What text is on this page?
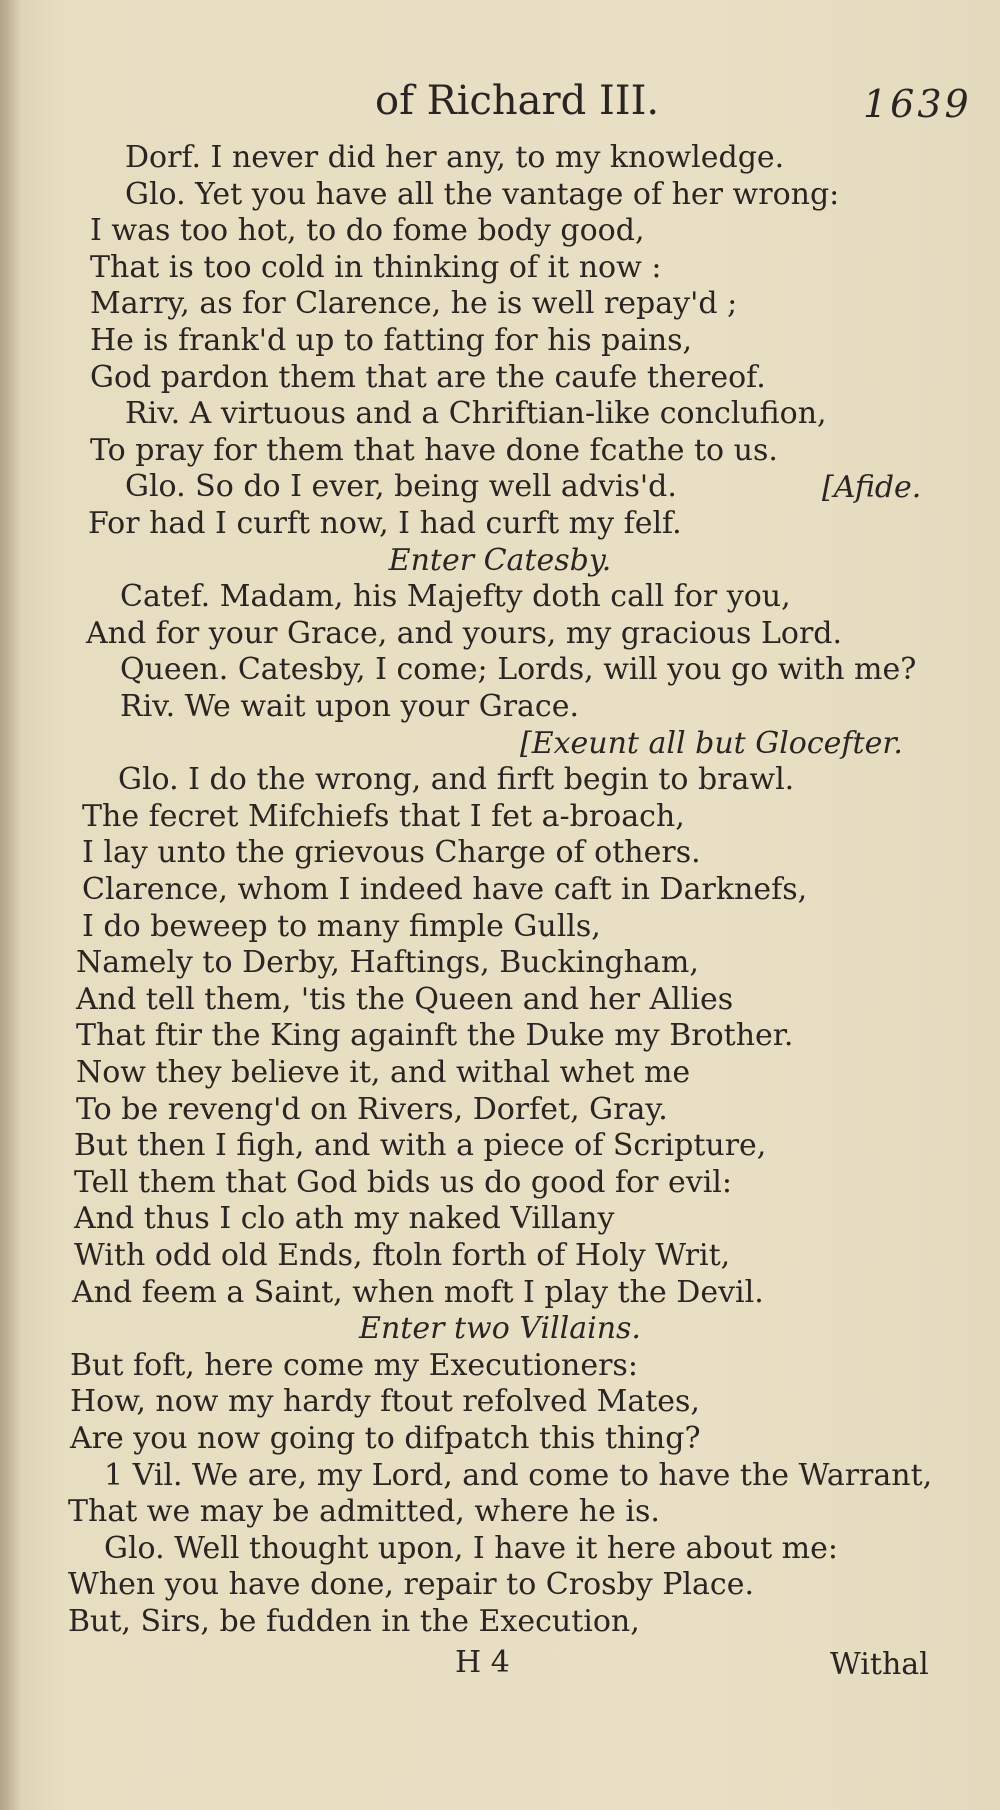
of Richard III.	1639
Dorf. I never did her any, to my knowledge.
Glo. Yet you have all the vantage of her wrong:
I was too hot, to do fome body good,
That is too cold in thinking of it now :
Marry, as for Clarence, he is well repay'd ;
He is frank'd up to fatting for his pains,
God pardon them that are the caufe thereof.
Riv. A virtuous and a Chriftian-like conclufion,
To pray for them that have done fcathe to us.
Glo. So do I ever, being well advis'd.
For had I curft now, I had curft my felf.
Enter Catesby.
Catef. Madam, his Majefty doth call for you,
And for your Grace, and yours, my gracious Lord.
Queen. Catesby, I come; Lords, will you go with me?
Riv. We wait upon your Grace.
[Exeunt all but Glocefter.
Glo. I do the wrong, and firft begin to brawl.
The fecret Mifchiefs that I fet a-broach,
I lay unto the grievous Charge of others.
Clarence, whom I indeed have caft in Darknefs,
I do beweep to many fimple Gulls,
Namely to Derby, Haftings, Buckingham,
And tell them, 'tis the Queen and her Allies
That ftir the King againft the Duke my Brother.
Now they believe it, and withal whet me
To be reveng'd on Rivers, Dorfet, Gray.
But then I figh, and with a piece of Scripture,
Tell them that God bids us do good for evil:
And thus I clo ath my naked Villany
With odd old Ends, ftoln forth of Holy Writ,
And feem a Saint, when moft I play the Devil.
Enter two Villains.
But foft, here come my Executioners:
How, now my hardy ftout refolved Mates,
Are you now going to difpatch this thing?
1 Vil. We are, my Lord, and come to have the Warrant,
That we may be admitted, where he is.
Glo. Well thought upon, I have it here about me:
When you have done, repair to Crosby Place.
But, Sirs, be fudden in the Execution,
[Afide.
H 4	Withal
